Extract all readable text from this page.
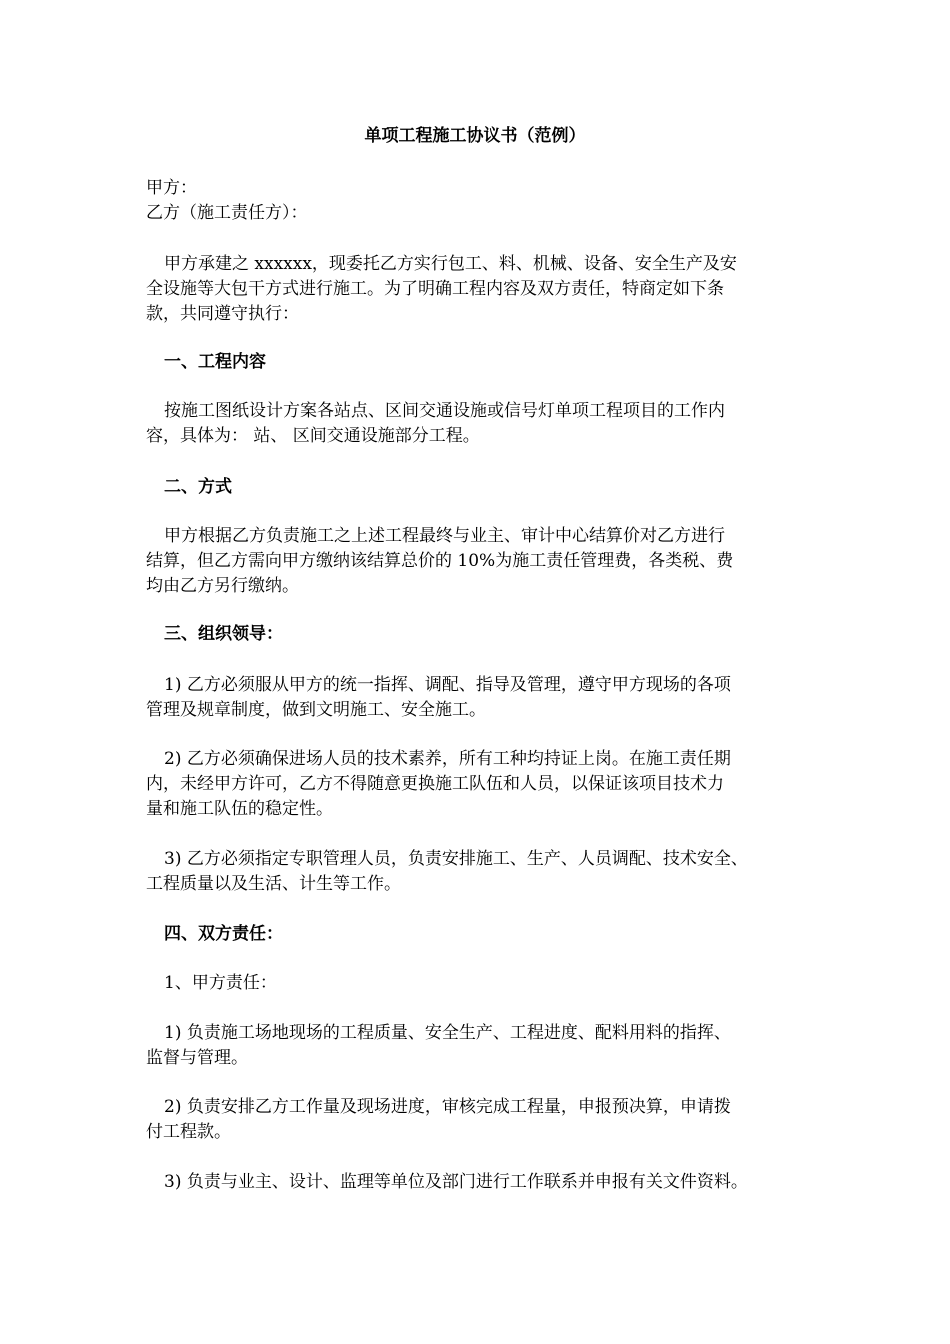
单项工程施工协议书（范例）
甲方：
乙方（施工责任方）：
甲方承建之 xxxxxx，现委托乙方实行包工、料、机械、设备、安全生产及安
全设施等大包干方式进行施工。为了明确工程内容及双方责任，特商定如下条
款，共同遵守执行：
一、工程内容
按施工图纸设计方案各站点、区间交通设施或信号灯单项工程项目的工作内
容，具体为： 站、 区间交通设施部分工程。
二、方式
甲方根据乙方负责施工之上述工程最终与业主、审计中心结算价对乙方进行
结算，但乙方需向甲方缴纳该结算总价的 10%为施工责任管理费，各类税、费
均由乙方另行缴纳。
三、组织领导：
1) 乙方必须服从甲方的统一指挥、调配、指导及管理，遵守甲方现场的各项
管理及规章制度，做到文明施工、安全施工。
2) 乙方必须确保进场人员的技术素养，所有工种均持证上岗。在施工责任期
内，未经甲方许可，乙方不得随意更换施工队伍和人员，以保证该项目技术力
量和施工队伍的稳定性。
3) 乙方必须指定专职管理人员，负责安排施工、生产、人员调配、技术安全、
工程质量以及生活、计生等工作。
四、双方责任：
1、甲方责任：
1) 负责施工场地现场的工程质量、安全生产、工程进度、配料用料的指挥、
监督与管理。
2) 负责安排乙方工作量及现场进度，审核完成工程量，申报预决算，申请拨
付工程款。
3) 负责与业主、设计、监理等单位及部门进行工作联系并申报有关文件资料。
